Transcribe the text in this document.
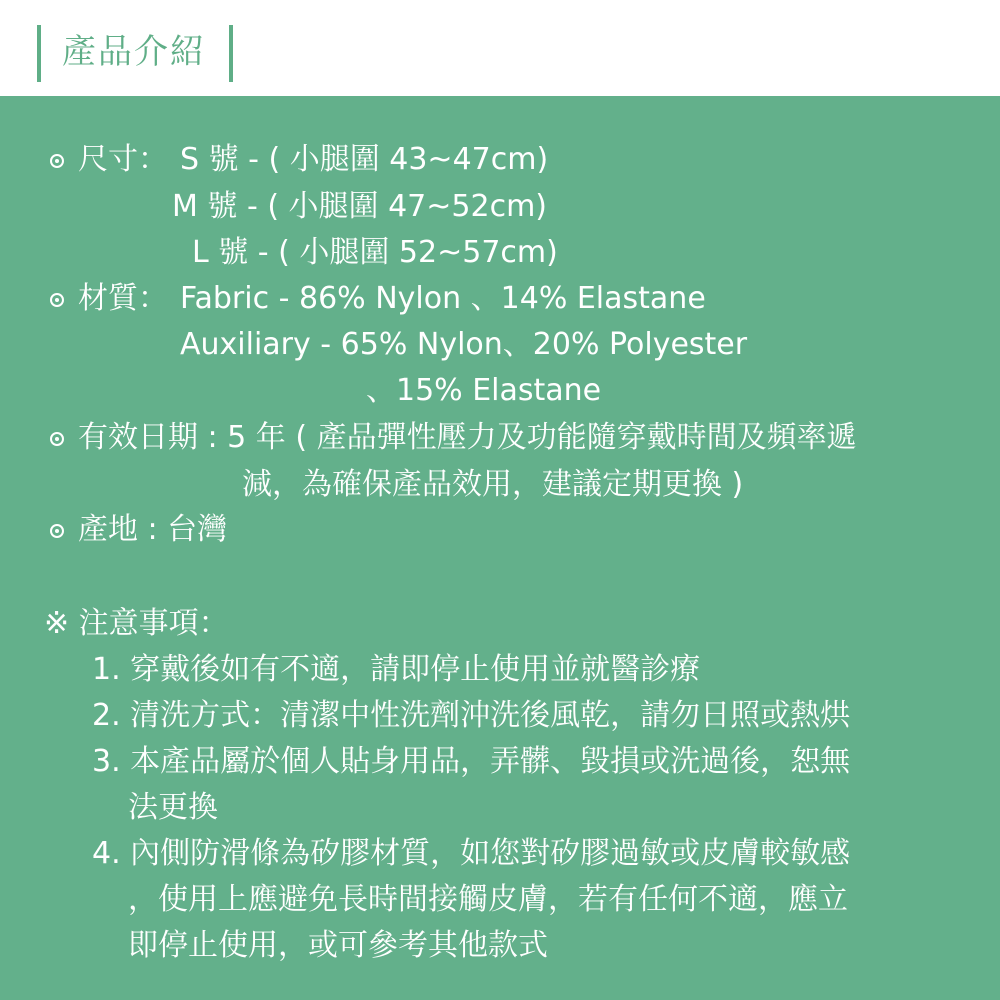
產品介紹
尺寸： S 號 - ( 小腿圍 43~47cm)
M 號 - ( 小腿圍 47~52cm)
L 號 - ( 小腿圍 52~57cm)
材質： Fabric - 86% Nylon 、14% Elastane
Auxiliary - 65% Nylon、20% Polyester
、15% Elastane
有效日期 : 5 年 ( 產品彈性壓力及功能隨穿戴時間及頻率遞
減，為確保產品效用，建議定期更換 )
產地 : 台灣
※ 注意事項：
1. 穿戴後如有不適，請即停止使用並就醫診療
2. 清洗方式：清潔中性洗劑沖洗後風乾，請勿日照或熱烘
3. 本產品屬於個人貼身用品，弄髒、毀損或洗過後，恕無
法更換
4. 內側防滑條為矽膠材質，如您對矽膠過敏或皮膚較敏感
，使用上應避免長時間接觸皮膚，若有任何不適，應立
即停止使用，或可參考其他款式
